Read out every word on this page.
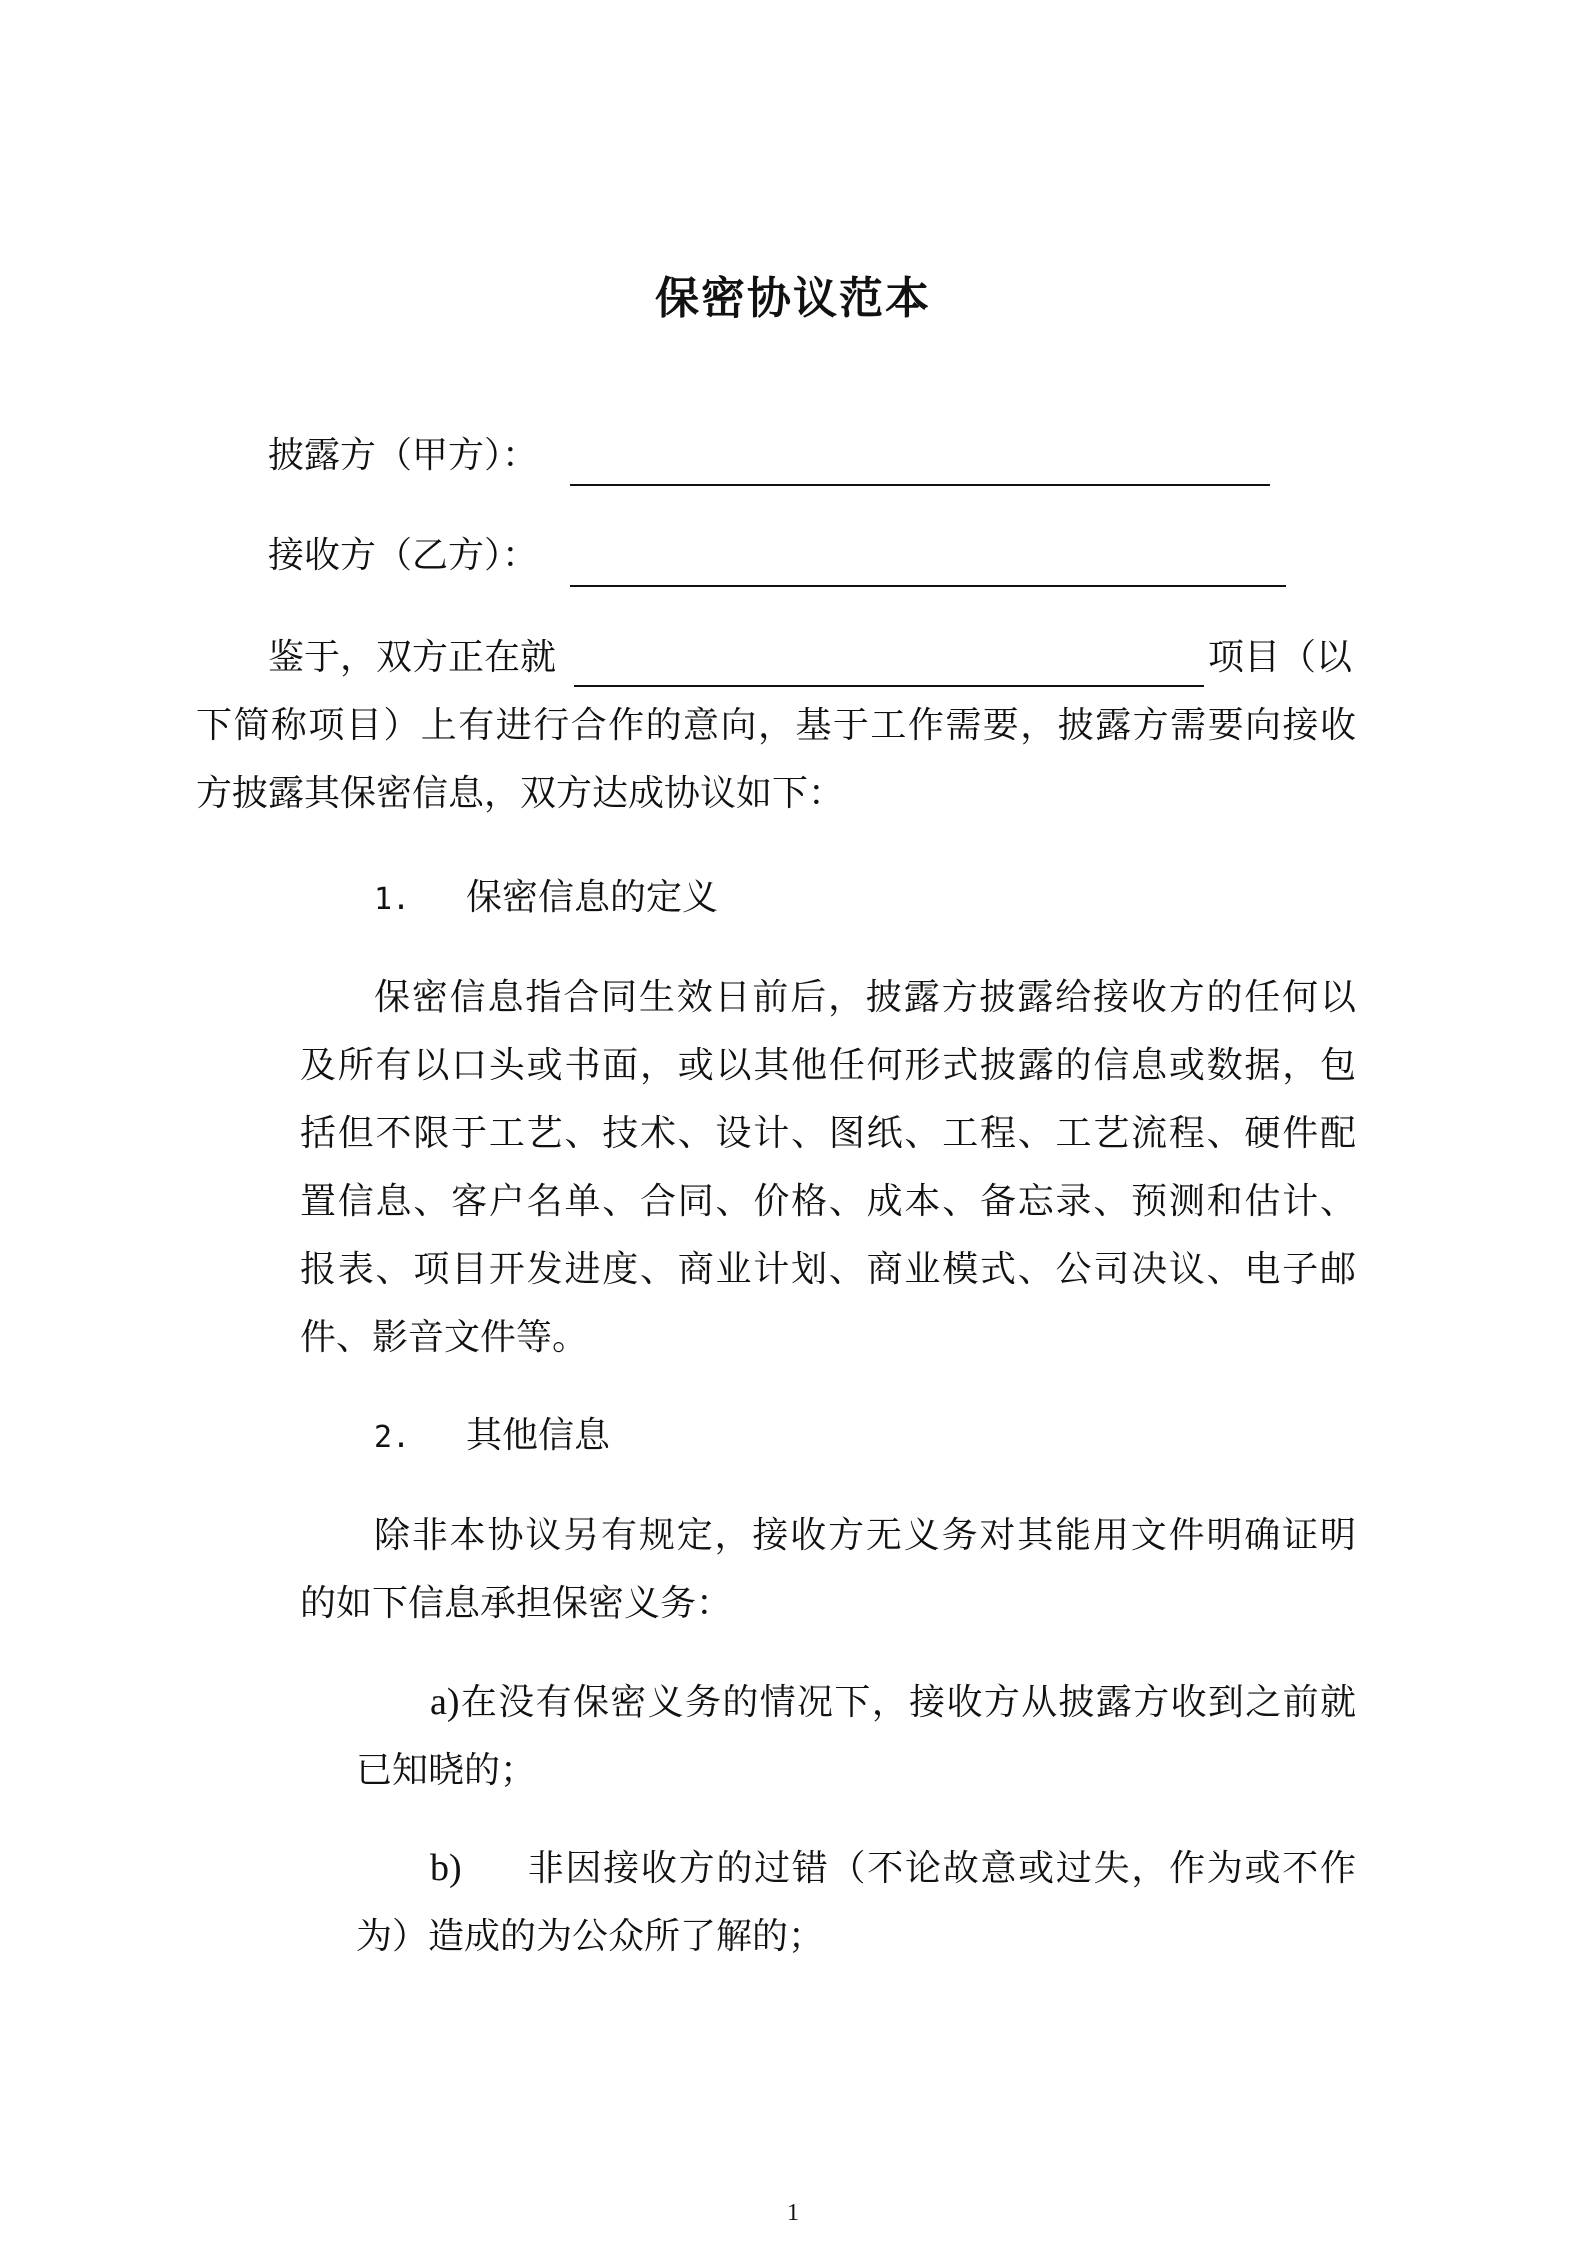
保密协议范本
披露方（甲方）：
接收方（乙方）：
鉴于，双方正在就	项目（以
下简称项目）上有进行合作的意向，基于工作需要，披露方需要向接收
方披露其保密信息，双方达成协议如下：
1. 保密信息的定义
保密信息指合同生效日前后，披露方披露给接收方的任何以
及所有以口头或书面，或以其他任何形式披露的信息或数据，包
括但不限于工艺、技术、设计、图纸、工程、工艺流程、硬件配
置信息、客户名单、合同、价格、成本、备忘录、预测和估计、
报表、项目开发进度、商业计划、商业模式、公司决议、电子邮
件、影音文件等。
2. 其他信息
除非本协议另有规定，接收方无义务对其能用文件明确证明
的如下信息承担保密义务：
a)在没有保密义务的情况下，接收方从披露方收到之前就
已知晓的；
b) 非因接收方的过错（不论故意或过失，作为或不作
为）造成的为公众所了解的；
1
